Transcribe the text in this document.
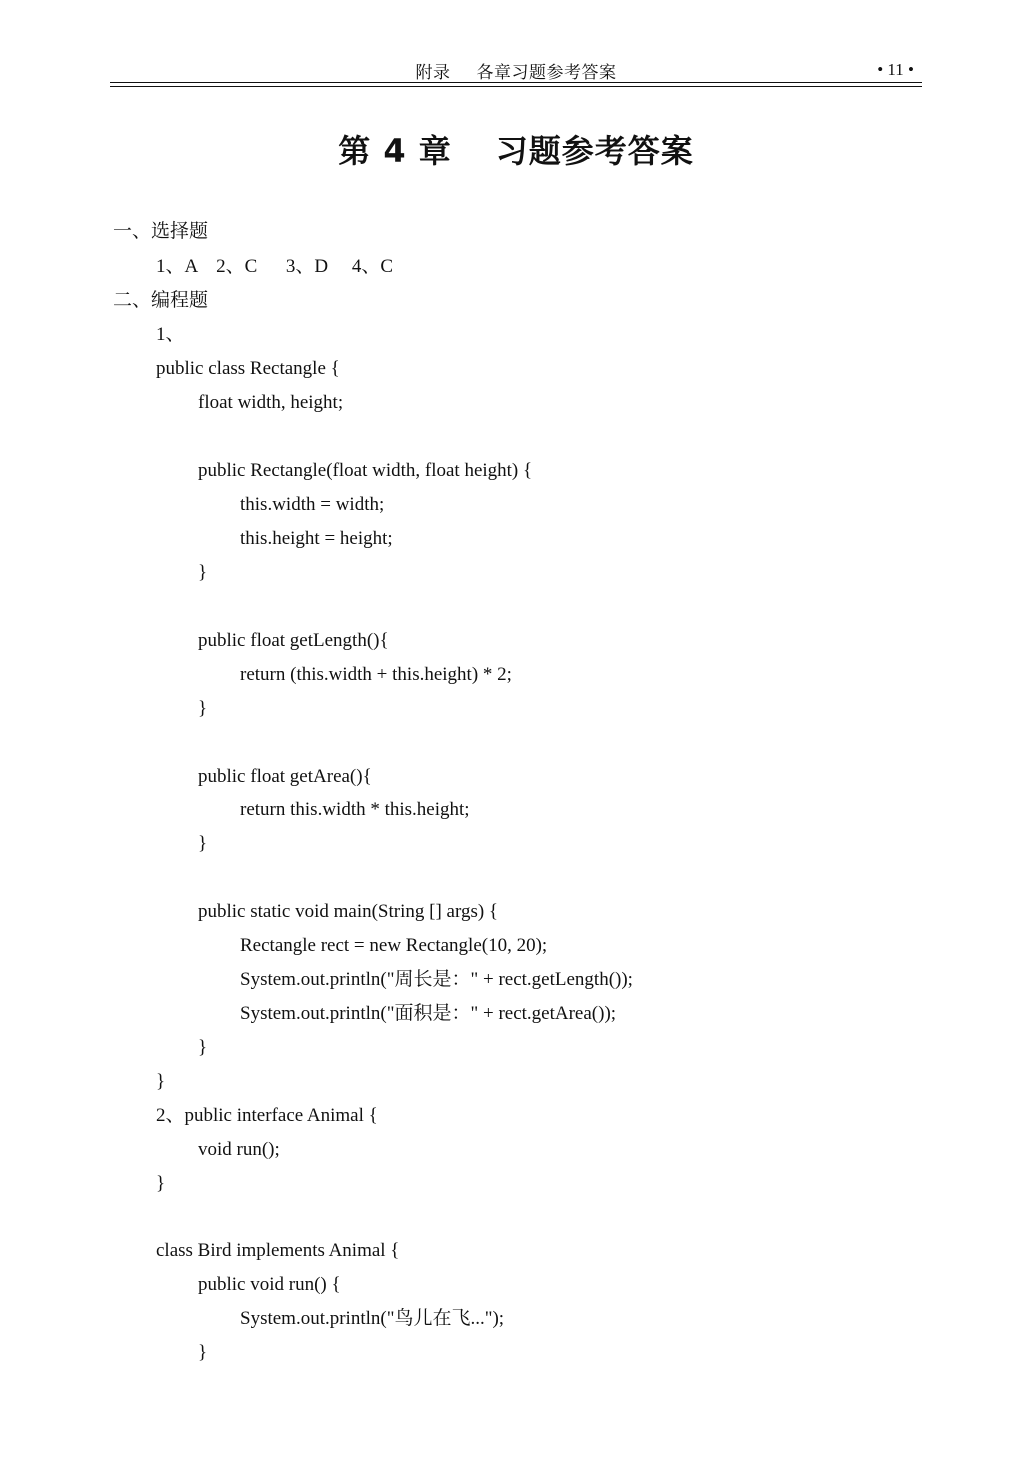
附录 各章习题参考答案	• 11 •
第 4 章 习题参考答案
一、选择题
1、A    2、C      3、D     4、C
二、编程题
1、
public class Rectangle {
float width, height;
public Rectangle(float width, float height) {
this.width = width;
this.height = height;
}
public float getLength(){
return (this.width + this.height) * 2;
}
public float getArea(){
return this.width * this.height;
}
public static void main(String [] args) {
Rectangle rect = new Rectangle(10, 20);
System.out.println("周长是：" + rect.getLength());
System.out.println("面积是：" + rect.getArea());
}
}
2、public interface Animal {
void run();
}
class Bird implements Animal {
public void run() {
System.out.println("鸟儿在飞...");
}
